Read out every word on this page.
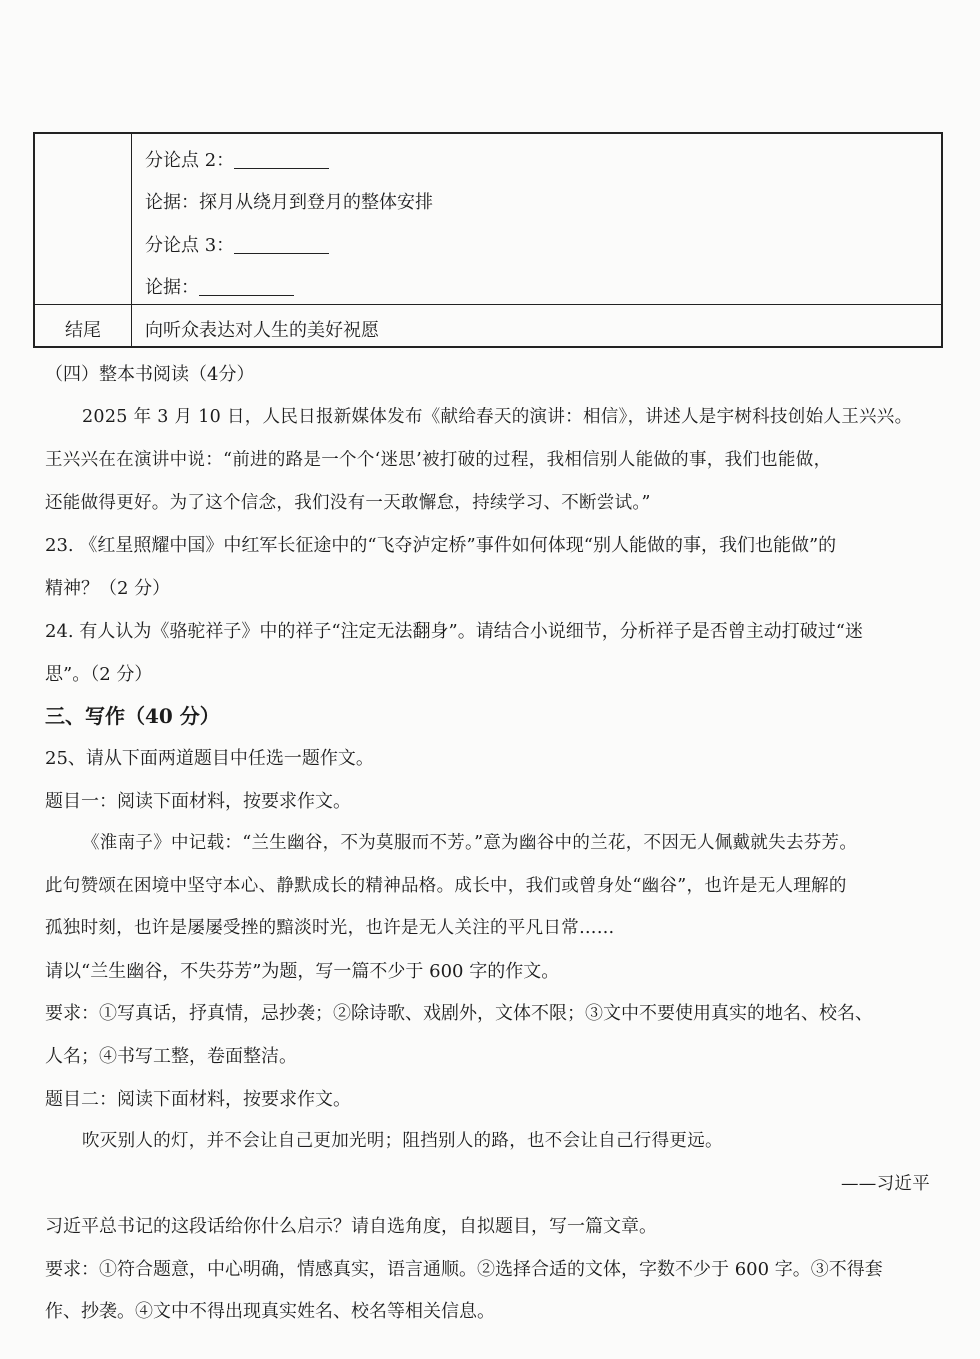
分论点 2：
论据：探月从绕月到登月的整体安排
分论点 3：
论据：
结尾 向听众表达对人生的美好祝愿
（四）整本书阅读（4分）
2025 年 3 月 10 日，人民日报新媒体发布《献给春天的演讲：相信》，讲述人是宇树科技创始人王兴兴。
王兴兴在在演讲中说：“前进的路是一个个‘迷思’被打破的过程，我相信别人能做的事，我们也能做，
还能做得更好。为了这个信念，我们没有一天敢懈怠，持续学习、不断尝试。”
23. 《红星照耀中国》中红军长征途中的“飞夺泸定桥”事件如何体现“别人能做的事，我们也能做”的
精神？（2 分）
24. 有人认为《骆驼祥子》中的祥子“注定无法翻身”。请结合小说细节，分析祥子是否曾主动打破过“迷
思”。（2 分）
三、写作（40 分）
25、请从下面两道题目中任选一题作文。
题目一：阅读下面材料，按要求作文。
《淮南子》中记载：“兰生幽谷，不为莫服而不芳。”意为幽谷中的兰花，不因无人佩戴就失去芬芳。
此句赞颂在困境中坚守本心、静默成长的精神品格。成长中，我们或曾身处“幽谷”，也许是无人理解的
孤独时刻，也许是屡屡受挫的黯淡时光，也许是无人关注的平凡日常……
请以“兰生幽谷，不失芬芳”为题，写一篇不少于 600 字的作文。
要求：①写真话，抒真情，忌抄袭；②除诗歌、戏剧外，文体不限；③文中不要使用真实的地名、校名、
人名；④书写工整，卷面整洁。
题目二：阅读下面材料，按要求作文。
吹灭别人的灯，并不会让自己更加光明；阻挡别人的路，也不会让自己行得更远。
——习近平
习近平总书记的这段话给你什么启示？请自选角度，自拟题目，写一篇文章。
要求：①符合题意，中心明确，情感真实，语言通顺。②选择合适的文体，字数不少于 600 字。③不得套
作、抄袭。④文中不得出现真实姓名、校名等相关信息。
